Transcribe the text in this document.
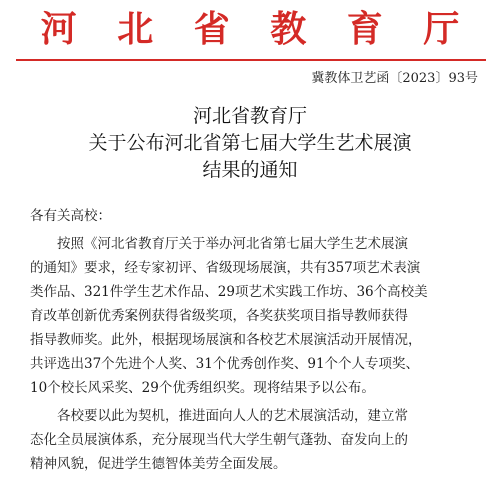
河 北 省 教 育 厅
冀教体卫艺函〔2023〕93号
河北省教育厅
关于公布河北省第七届大学生艺术展演
结果的通知
各有关高校：
按照《河北省教育厅关于举办河北省第七届大学生艺术展演
的通知》要求，经专家初评、省级现场展演，共有357项艺术表演
类作品、321件学生艺术作品、29项艺术实践工作坊、36个高校美
育改革创新优秀案例获得省级奖项，各奖获奖项目指导教师获得
指导教师奖。此外，根据现场展演和各校艺术展演活动开展情况，
共评选出37个先进个人奖、31个优秀创作奖、91个个人专项奖、
10个校长风采奖、29个优秀组织奖。现将结果予以公布。
各校要以此为契机，推进面向人人的艺术展演活动，建立常
态化全员展演体系，充分展现当代大学生朝气蓬勃、奋发向上的
精神风貌，促进学生德智体美劳全面发展。
